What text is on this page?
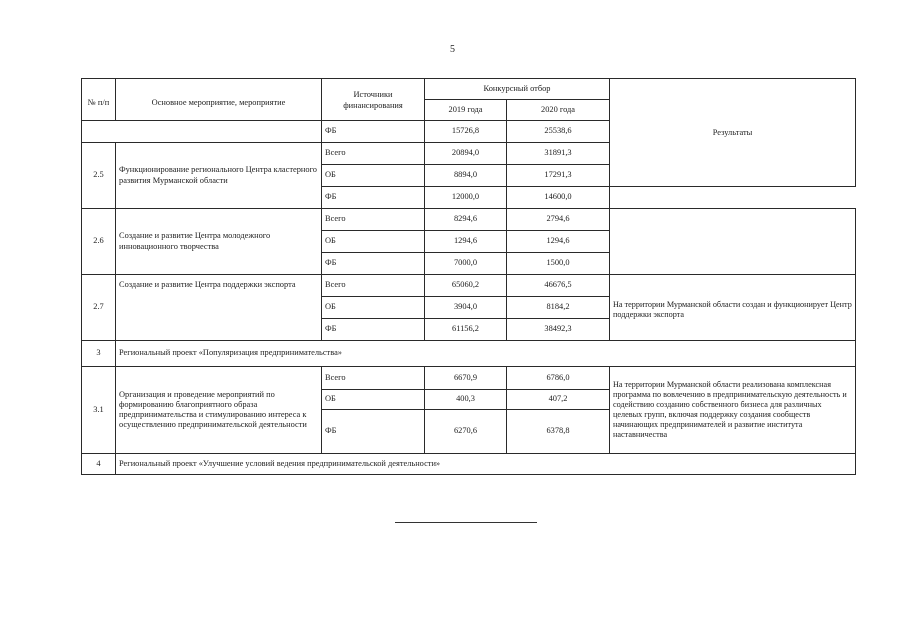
5
№ п/п	Основное мероприятие, мероприятие	Источники финансирования	Конкурсный отбор		Результаты
			2019 года	2020 года	
		ФБ	15726,8	25538,6	
2.5	Функционирование регионального Центра кластерного развития Мурманской области	Всего	20894,0	31891,3	
		ОБ	8894,0	17291,3	
		ФБ	12000,0	14600,0	
2.6	Создание и развитие Центра молодежного инновационного творчества	Всего	8294,6	2794,6	
		ОБ	1294,6	1294,6	
		ФБ	7000,0	1500,0	
2.7	Создание и развитие Центра поддержки экспорта	Всего	65060,2	46676,5	На территории Мурманской области создан и функционирует Центр поддержки экспорта
		ОБ	3904,0	8184,2	
		ФБ	61156,2	38492,3	
3	Региональный проект «Популяризация предпринимательства»				
3.1	Организация и проведение мероприятий по формированию благоприятного образа предпринимательства и стимулированию интереса к осуществлению предпринимательской деятельности	Всего	6670,9	6786,0	На территории Мурманской области реализована комплексная программа по вовлечению в предпринимательскую деятельность и содействию созданию собственного бизнеса для различных целевых групп, включая поддержку создания сообществ начинающих предпринимателей и развитие института наставничества
		ОБ	400,3	407,2	
		ФБ	6270,6	6378,8	
4	Региональный проект «Улучшение условий ведения предпринимательской деятельности»				
